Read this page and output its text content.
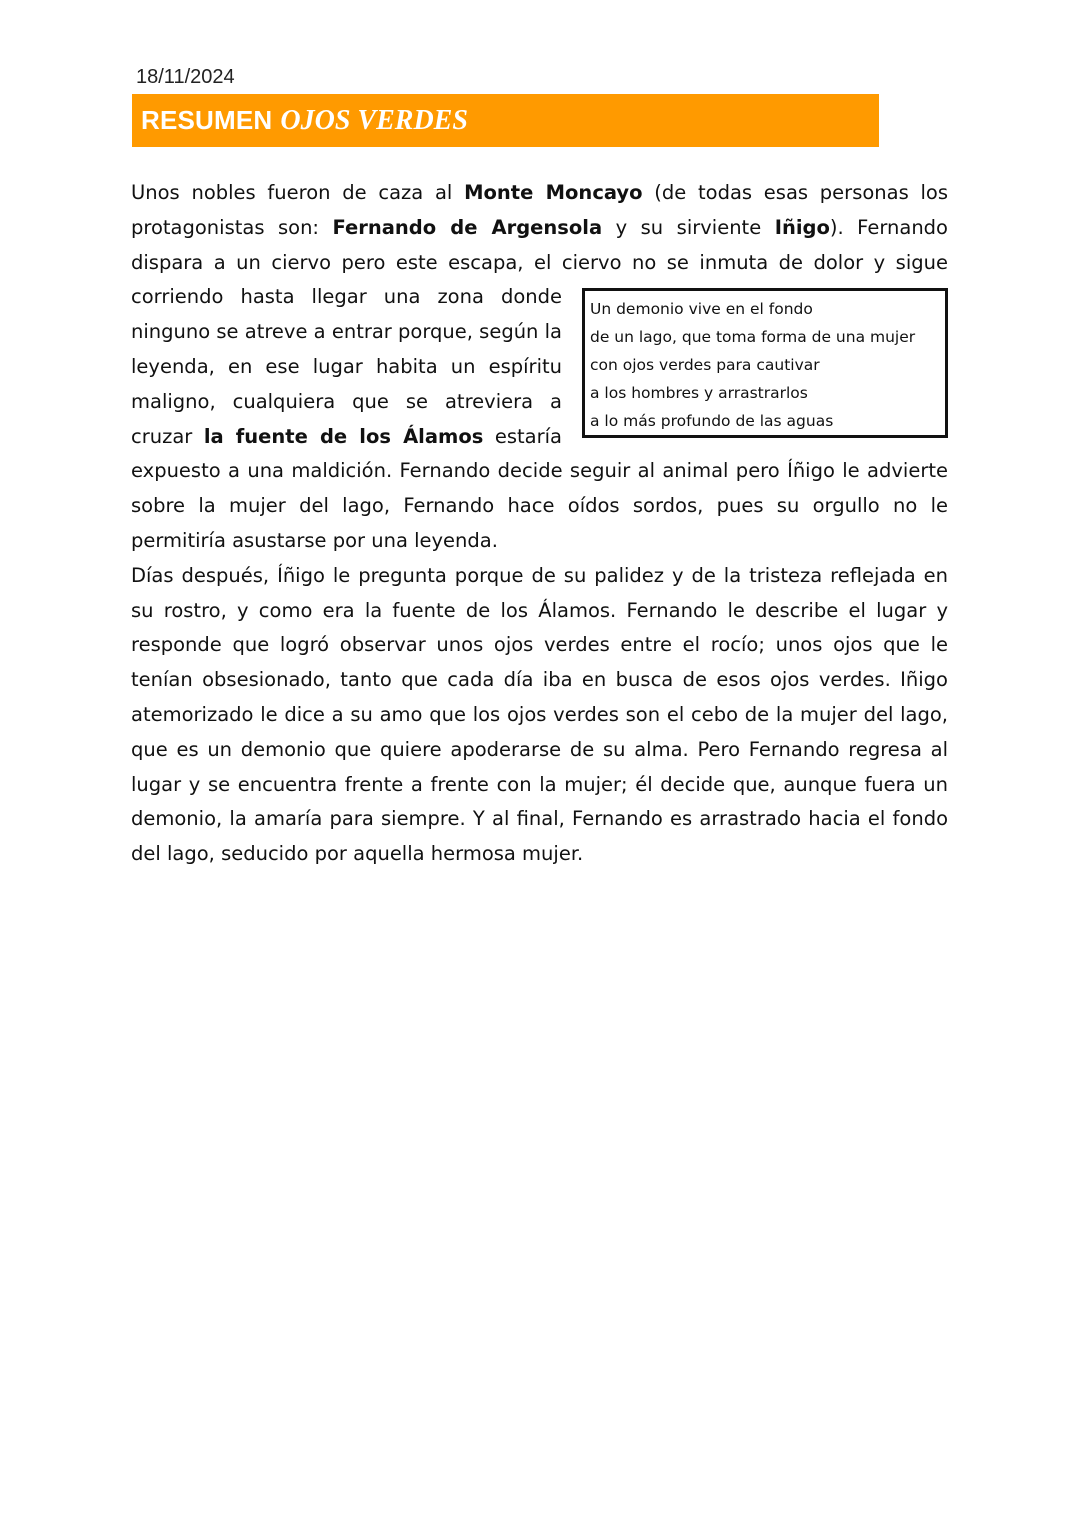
18/11/2024
RESUMEN OJOS VERDES

Unos nobles fueron de caza al Monte Moncayo (de todas esas personas los protagonistas son: Fernando de Argensola y su sirviente Iñigo). Fernando dispara a un ciervo pero este escapa, el ciervo no se inmuta de dolor y sigue
Un demonio vive en el fondo
de un lago, que toma forma de una mujer
con ojos verdes para cautivar
a los hombres y arrastrarlos
a lo más profundo de las aguas
corriendo hasta llegar una zona donde ninguno se atreve a entrar porque, según la leyenda, en ese lugar habita un espíritu maligno, cualquiera que se atreviera a cruzar la fuente de los Álamos estaría expuesto a una maldición. Fernando decide seguir al animal pero Íñigo le advierte sobre la mujer del lago, Fernando hace oídos sordos, pues su orgullo no le permitiría asustarse por una leyenda.

Días después, Íñigo le pregunta porque de su palidez y de la tristeza reflejada en su rostro, y como era la fuente de los Álamos. Fernando le describe el lugar y responde que logró observar unos ojos verdes entre el rocío; unos ojos que le tenían obsesionado, tanto que cada día iba en busca de esos ojos verdes. Iñigo atemorizado le dice a su amo que los ojos verdes son el cebo de la mujer del lago, que es un demonio que quiere apoderarse de su alma. Pero Fernando regresa al lugar y se encuentra frente a frente con la mujer; él decide que, aunque fuera un demonio, la amaría para siempre. Y al final, Fernando es arrastrado hacia el fondo del lago, seducido por aquella hermosa mujer.
